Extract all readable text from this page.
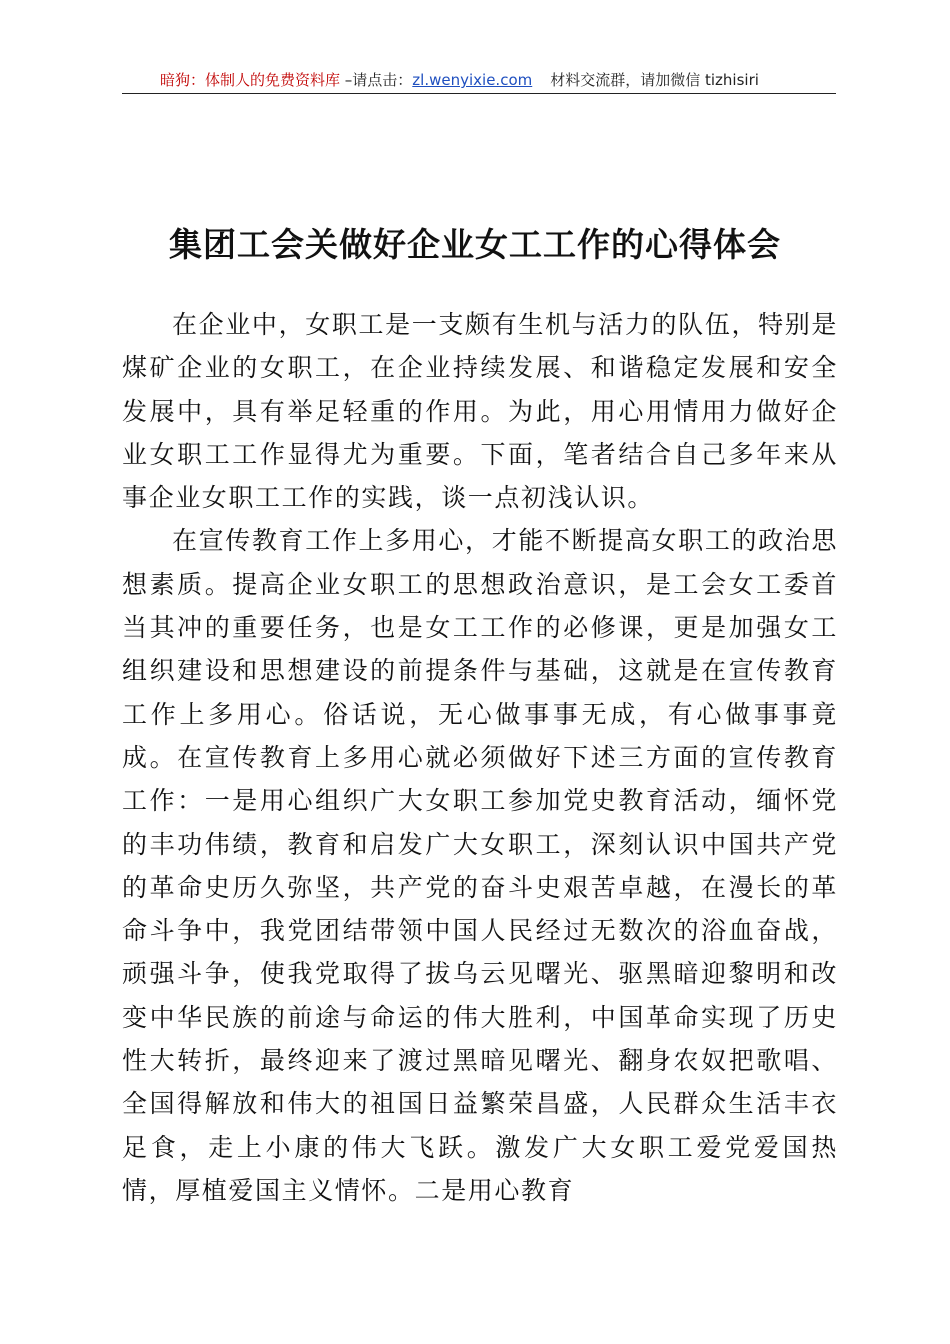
暗狗：体制人的免费资料库 –请点击：zl.wenyixie.com 材料交流群，请加微信 tizhisiri
集团工会关做好企业女工工作的心得体会

在企业中，女职工是一支颇有生机与活力的队伍，特别是煤矿企业的女职工，在企业持续发展、和谐稳定发展和安全发展中，具有举足轻重的作用。为此，用心用情用力做好企业女职工工作显得尤为重要。下面，笔者结合自己多年来从事企业女职工工作的实践，谈一点初浅认识。

在宣传教育工作上多用心，才能不断提高女职工的政治思想素质。提高企业女职工的思想政治意识，是工会女工委首当其冲的重要任务，也是女工工作的必修课，更是加强女工组织建设和思想建设的前提条件与基础，这就是在宣传教育工作上多用心。俗话说，无心做事事无成，有心做事事竟成。在宣传教育上多用心就必须做好下述三方面的宣传教育工作：一是用心组织广大女职工参加党史教育活动，缅怀党的丰功伟绩，教育和启发广大女职工，深刻认识中国共产党的革命史历久弥坚，共产党的奋斗史艰苦卓越，在漫长的革命斗争中，我党团结带领中国人民经过无数次的浴血奋战，顽强斗争，使我党取得了拔乌云见曙光、驱黑暗迎黎明和改变中华民族的前途与命运的伟大胜利，中国革命实现了历史性大转折，最终迎来了渡过黑暗见曙光、翻身农奴把歌唱、全国得解放和伟大的祖国日益繁荣昌盛，人民群众生活丰衣足食，走上小康的伟大飞跃。激发广大女职工爱党爱国热情，厚植爱国主义情怀。二是用心教育
